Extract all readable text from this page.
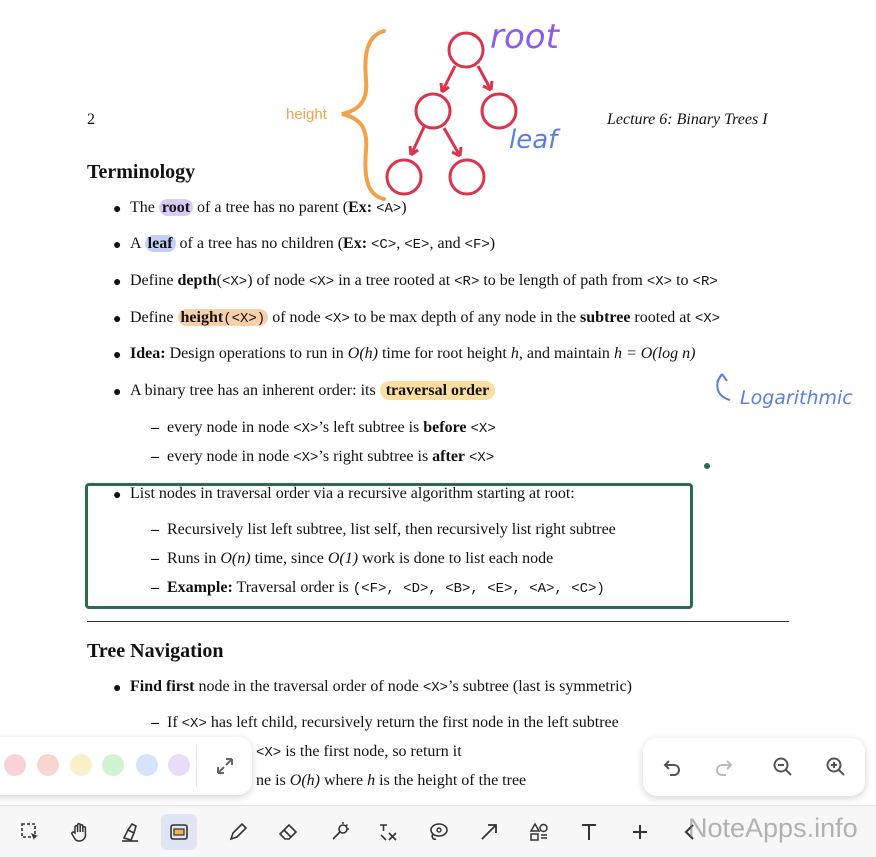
2	Lecture 6: Binary Trees I
root
leaf
height
Terminology
● The root of a tree has no parent (Ex: <A>)
● A leaf of a tree has no children (Ex: <C>, <E>, and <F>)
● Define depth(<X>) of node <X> in a tree rooted at <R> to be length of path from <X> to <R>
● Define height(<X>) of node <X> to be max depth of any node in the subtree rooted at <X>
● Idea: Design operations to run in O(h) time for root height h, and maintain h = O(log n)
● A binary tree has an inherent order: its traversal order
– every node in node <X>’s left subtree is before <X>
– every node in node <X>’s right subtree is after <X>
Logarithmic
● List nodes in traversal order via a recursive algorithm starting at root:
– Recursively list left subtree, list self, then recursively list right subtree
– Runs in O(n) time, since O(1) work is done to list each node
– Example: Traversal order is (<F>, <D>, <B>, <E>, <A>, <C>)
Tree Navigation
● Find first node in the traversal order of node <X>’s subtree (last is symmetric)
– If <X> has left child, recursively return the first node in the left subtree
<X> is the first node, so return it
ne is O(h) where h is the height of the tree
NoteApps.info
